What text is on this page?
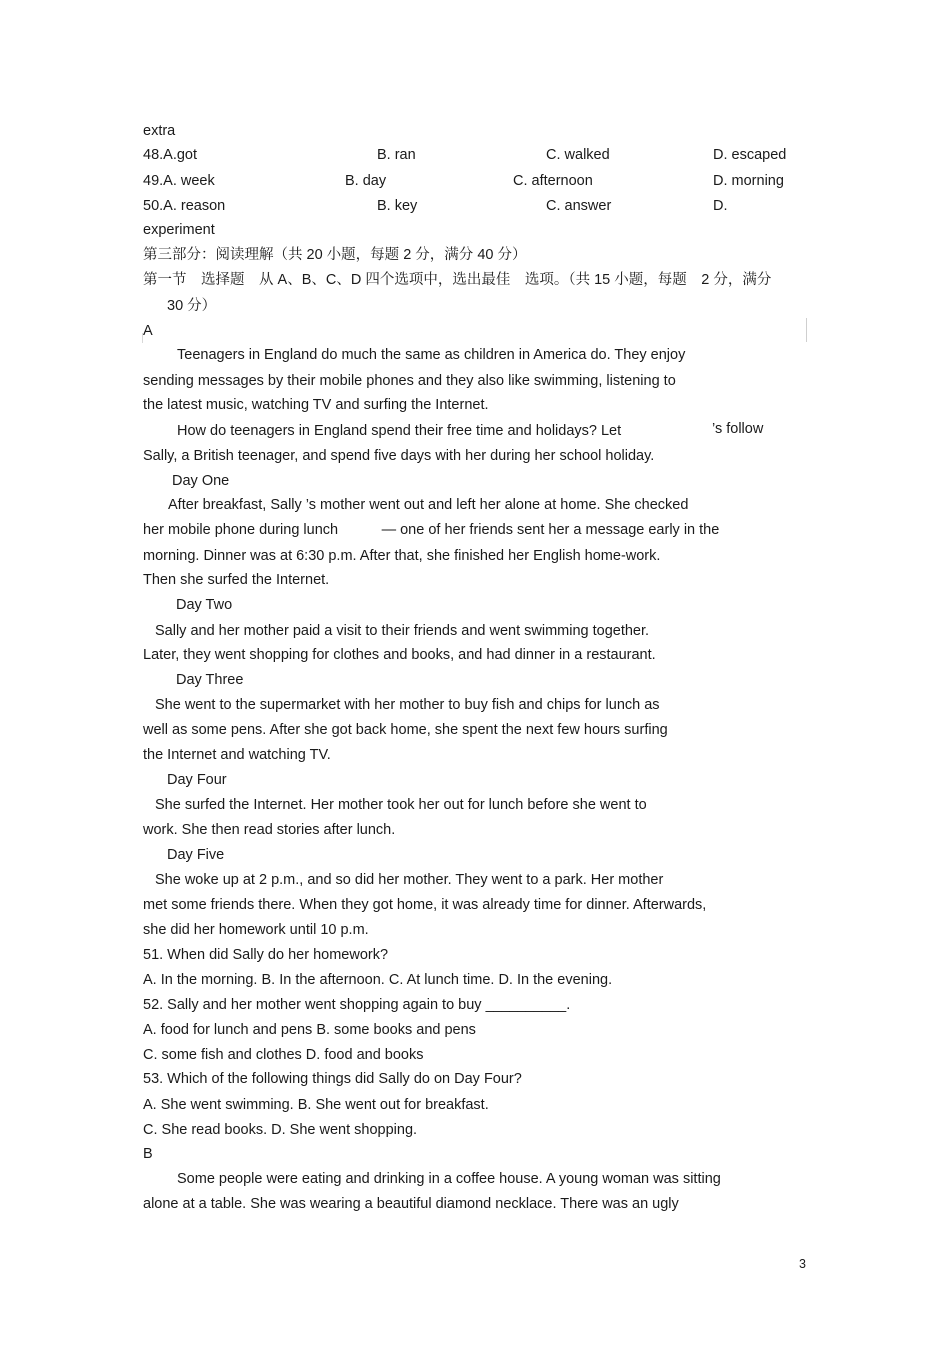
extra
48.A.got	B. ran	C. walked	D. escaped
49.A. week	B. day	C. afternoon	D. morning
50.A. reason	B. key	C. answer	D.
experiment
第三部分：阅读理解（共 20 小题，每题 2 分，满分 40 分）
第一节　选择题　从 A、B、C、D 四个选项中，选出最佳　选项。（共 15 小题，每题　2 分，满分
30 分）
A
Teenagers in England do much the same as children in America do. They enjoy
sending messages by their mobile phones and they also like swimming, listening to
the latest music, watching TV and surfing the Internet.
How do teenagers in England spend their free time and holidays? Let	’s follow
Sally, a British teenager, and spend five days with her during her school holiday.
Day One
After breakfast, Sally ’s mother went out and left her alone at home. She checked
her mobile phone during lunch　　　— one of her friends sent her a message early in the
morning. Dinner was at 6:30 p.m. After that, she finished her English home-work.
Then she surfed the Internet.
Day Two
Sally and her mother paid a visit to their friends and went swimming together.
Later, they went shopping for clothes and books, and had dinner in a restaurant.
Day Three
She went to the supermarket with her mother to buy fish and chips for lunch as
well as some pens. After she got back home, she spent the next few hours surfing
the Internet and watching TV.
Day Four
She surfed the Internet. Her mother took her out for lunch before she went to
work. She then read stories after lunch.
Day Five
She woke up at 2 p.m., and so did her mother. They went to a park. Her mother
met some friends there. When they got home, it was already time for dinner. Afterwards,
she did her homework until 10 p.m.
51. When did Sally do her homework?
A. In the morning. B. In the afternoon. C. At lunch time. D. In the evening.
52. Sally and her mother went shopping again to buy __________.
A. food for lunch and pens B. some books and pens
C. some fish and clothes D. food and books
53. Which of the following things did Sally do on Day Four?
A. She went swimming. B. She went out for breakfast.
C. She read books. D. She went shopping.
B
Some people were eating and drinking in a coffee house. A young woman was sitting
alone at a table. She was wearing a beautiful diamond necklace. There was an ugly
3
